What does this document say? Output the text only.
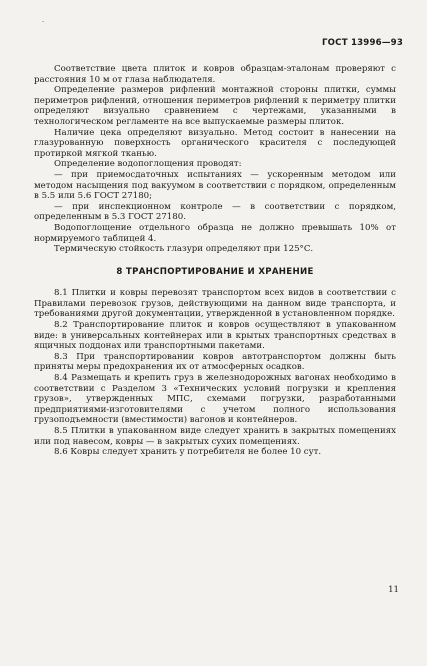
·
ГОСТ 13996—93

Соответствие цвета плиток и ковров образцам-эталонам проверяют с расстояния 10 м от глаза наблюдателя.

Определение размеров рифлений монтажной стороны плитки, суммы периметров рифлений, отношения периметров рифлений к периметру плитки определяют визуально сравнением с чертежами, указанными в технологическом регламенте на все выпускаемые размеры плиток.

Наличие цека определяют визуально. Метод состоит в нанесении на глазурованную поверхность органического красителя с последующей протиркой мягкой тканью.

Определение водопоглощения проводят:

— при приемосдаточных испытаниях — ускоренным методом или методом насыщения под вакуумом в соответствии с порядком, определенным в 5.5 или 5.6 ГОСТ 27180;

— при инспекционном контроле — в соответствии с порядком, определенным в 5.3 ГОСТ 27180.

Водопоглощение отдельного образца не должно превышать 10% от нормируемого таблицей 4.

Термическую стойкость глазури определяют при 125°С.

8 ТРАНСПОРТИРОВАНИЕ И ХРАНЕНИЕ

8.1 Плитки и ковры перевозят транспортом всех видов в соответствии с Правилами перевозок грузов, действующими на данном виде транспорта, и требованиями другой документации, утвержденной в установленном порядке.

8.2 Транспортирование плиток и ковров осуществляют в упакованном виде: в универсальных контейнерах или в крытых транспортных средствах в ящичных поддонах или транспортными пакетами.

8.3 При транспортировании ковров автотранспортом должны быть приняты меры предохранения их от атмосферных осадков.

8.4 Размещать и крепить груз в железнодорожных вагонах необходимо в соответствии с Разделом 3 «Технических условий погрузки и крепления грузов», утвержденных МПС, схемами погрузки, разработанными предприятиями-изготовителями с учетом полного использования грузоподъемности (вместимости) вагонов и контейнеров.

8.5 Плитки в упакованном виде следует хранить в закрытых помещениях или под навесом, ковры — в закрытых сухих помещениях.

8.6 Ковры следует хранить у потребителя не более 10 сут.

11
